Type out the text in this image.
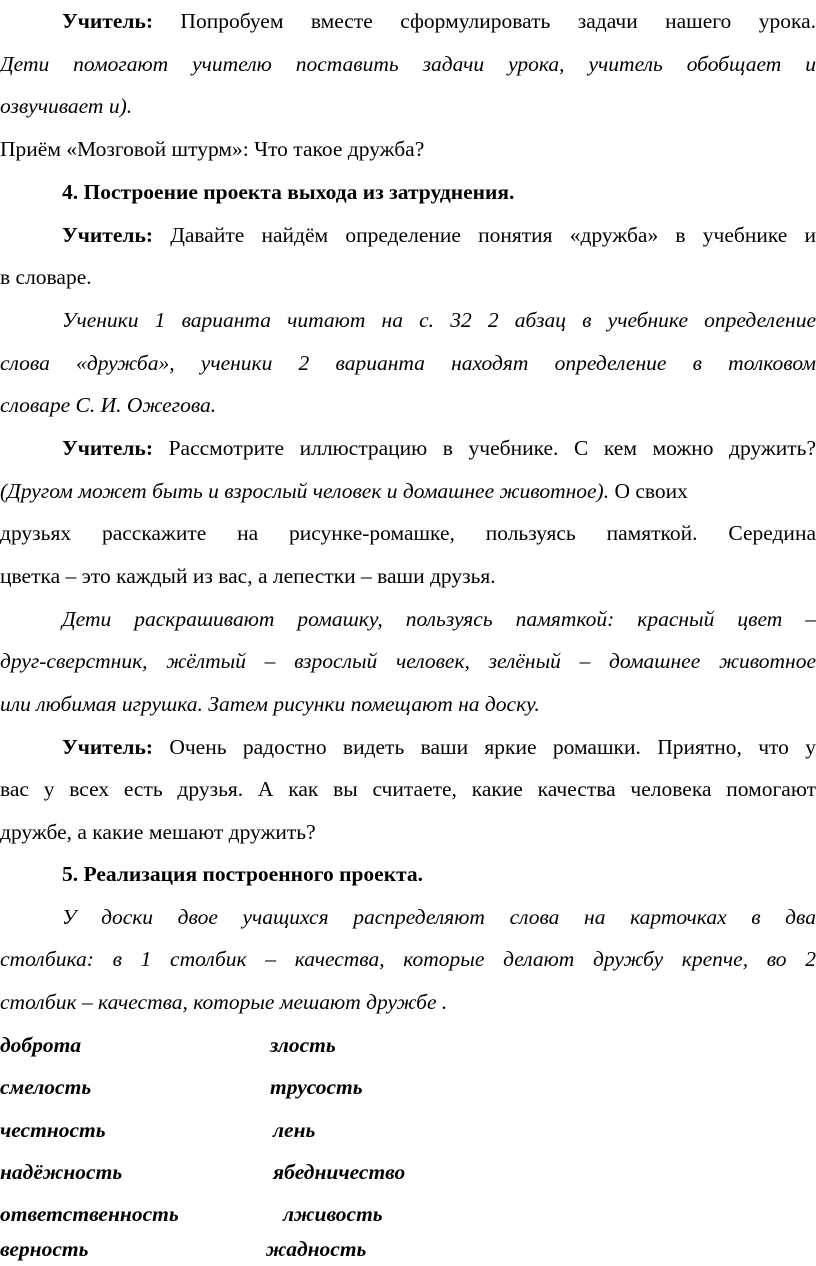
Учитель: Попробуем вместе сформулировать задачи нашего урока.
Дети помогают учителю поставить задачи урока, учитель обобщает и
озвучивает и).
Приём «Мозговой штурм»: Что такое дружба?
4. Построение проекта выхода из затруднения.
Учитель: Давайте найдём определение понятия «дружба» в учебнике и
в словаре.
Ученики 1 варианта читают на с. 32 2 абзац в учебнике определение
слова «дружба», ученики 2 варианта находят определение в толковом
словаре С. И. Ожегова.
Учитель: Рассмотрите иллюстрацию в учебнике. С кем можно дружить?
(Другом может быть и взрослый человек и домашнее животное). О своих
друзьях расскажите на рисунке-ромашке, пользуясь памяткой. Середина
цветка – это каждый из вас, а лепестки – ваши друзья.
Дети раскрашивают ромашку, пользуясь памяткой: красный цвет –
друг-сверстник, жёлтый – взрослый человек, зелёный – домашнее животное
или любимая игрушка. Затем рисунки помещают на доску.
Учитель: Очень радостно видеть ваши яркие ромашки. Приятно, что у
вас у всех есть друзья. А как вы считаете, какие качества человека помогают
дружбе, а какие мешают дружить?
5. Реализация построенного проекта.
У доски двое учащихся распределяют слова на карточках в два
столбика: в 1 столбик – качества, которые делают дружбу крепче, во 2
столбик – качества, которые мешают дружбе .
доброта	злость
смелость	трусость
честность	лень
надёжность	ябедничество
ответственность	лживость
верность	жадность
